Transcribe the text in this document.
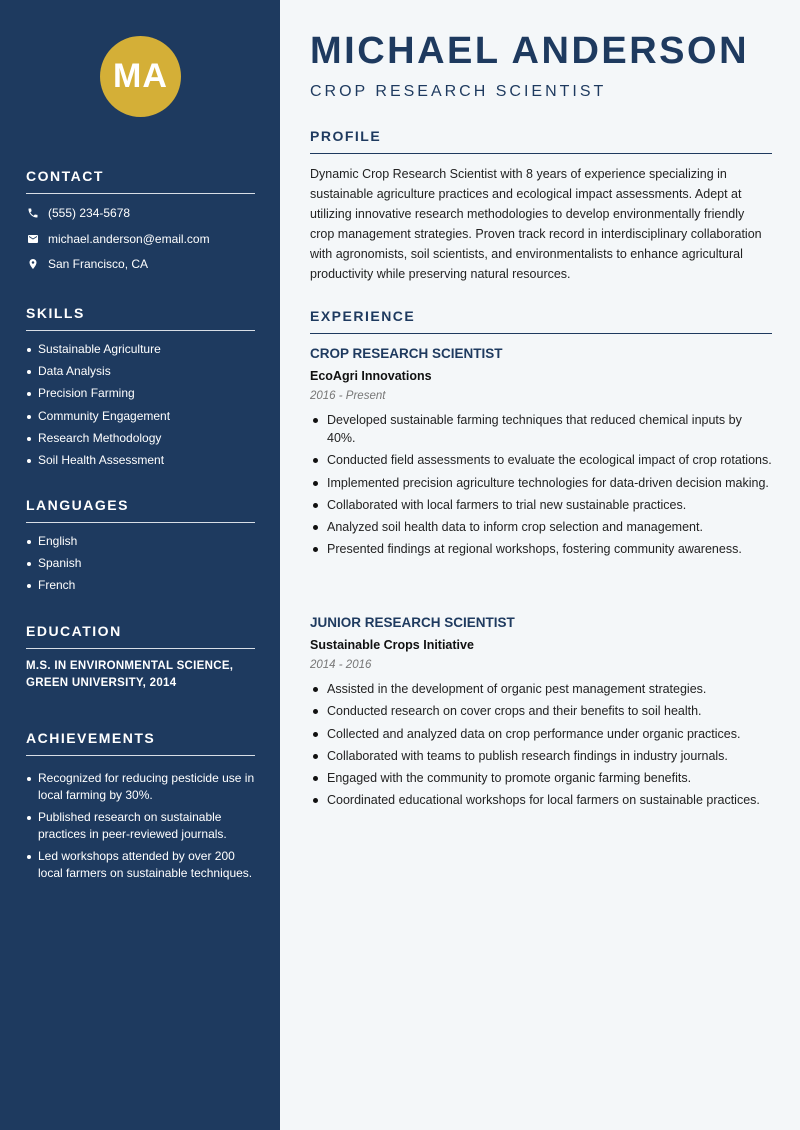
MA
CONTACT
(555) 234-5678
michael.anderson@email.com
San Francisco, CA
SKILLS
Sustainable Agriculture
Data Analysis
Precision Farming
Community Engagement
Research Methodology
Soil Health Assessment
LANGUAGES
English
Spanish
French
EDUCATION
M.S. IN ENVIRONMENTAL SCIENCE,
GREEN UNIVERSITY, 2014
ACHIEVEMENTS
Recognized for reducing pesticide use in local farming by 30%.
Published research on sustainable practices in peer-reviewed journals.
Led workshops attended by over 200 local farmers on sustainable techniques.
MICHAEL ANDERSON
CROP RESEARCH SCIENTIST
PROFILE

Dynamic Crop Research Scientist with 8 years of experience specializing in sustainable agriculture practices and ecological impact assessments. Adept at utilizing innovative research methodologies to develop environmentally friendly crop management strategies. Proven track record in interdisciplinary collaboration with agronomists, soil scientists, and environmentalists to enhance agricultural productivity while preserving natural resources.

EXPERIENCE
CROP RESEARCH SCIENTIST
EcoAgri Innovations
2016 - Present
Developed sustainable farming techniques that reduced chemical inputs by 40%.
Conducted field assessments to evaluate the ecological impact of crop rotations.
Implemented precision agriculture technologies for data-driven decision making.
Collaborated with local farmers to trial new sustainable practices.
Analyzed soil health data to inform crop selection and management.
Presented findings at regional workshops, fostering community awareness.
JUNIOR RESEARCH SCIENTIST
Sustainable Crops Initiative
2014 - 2016
Assisted in the development of organic pest management strategies.
Conducted research on cover crops and their benefits to soil health.
Collected and analyzed data on crop performance under organic practices.
Collaborated with teams to publish research findings in industry journals.
Engaged with the community to promote organic farming benefits.
Coordinated educational workshops for local farmers on sustainable practices.
